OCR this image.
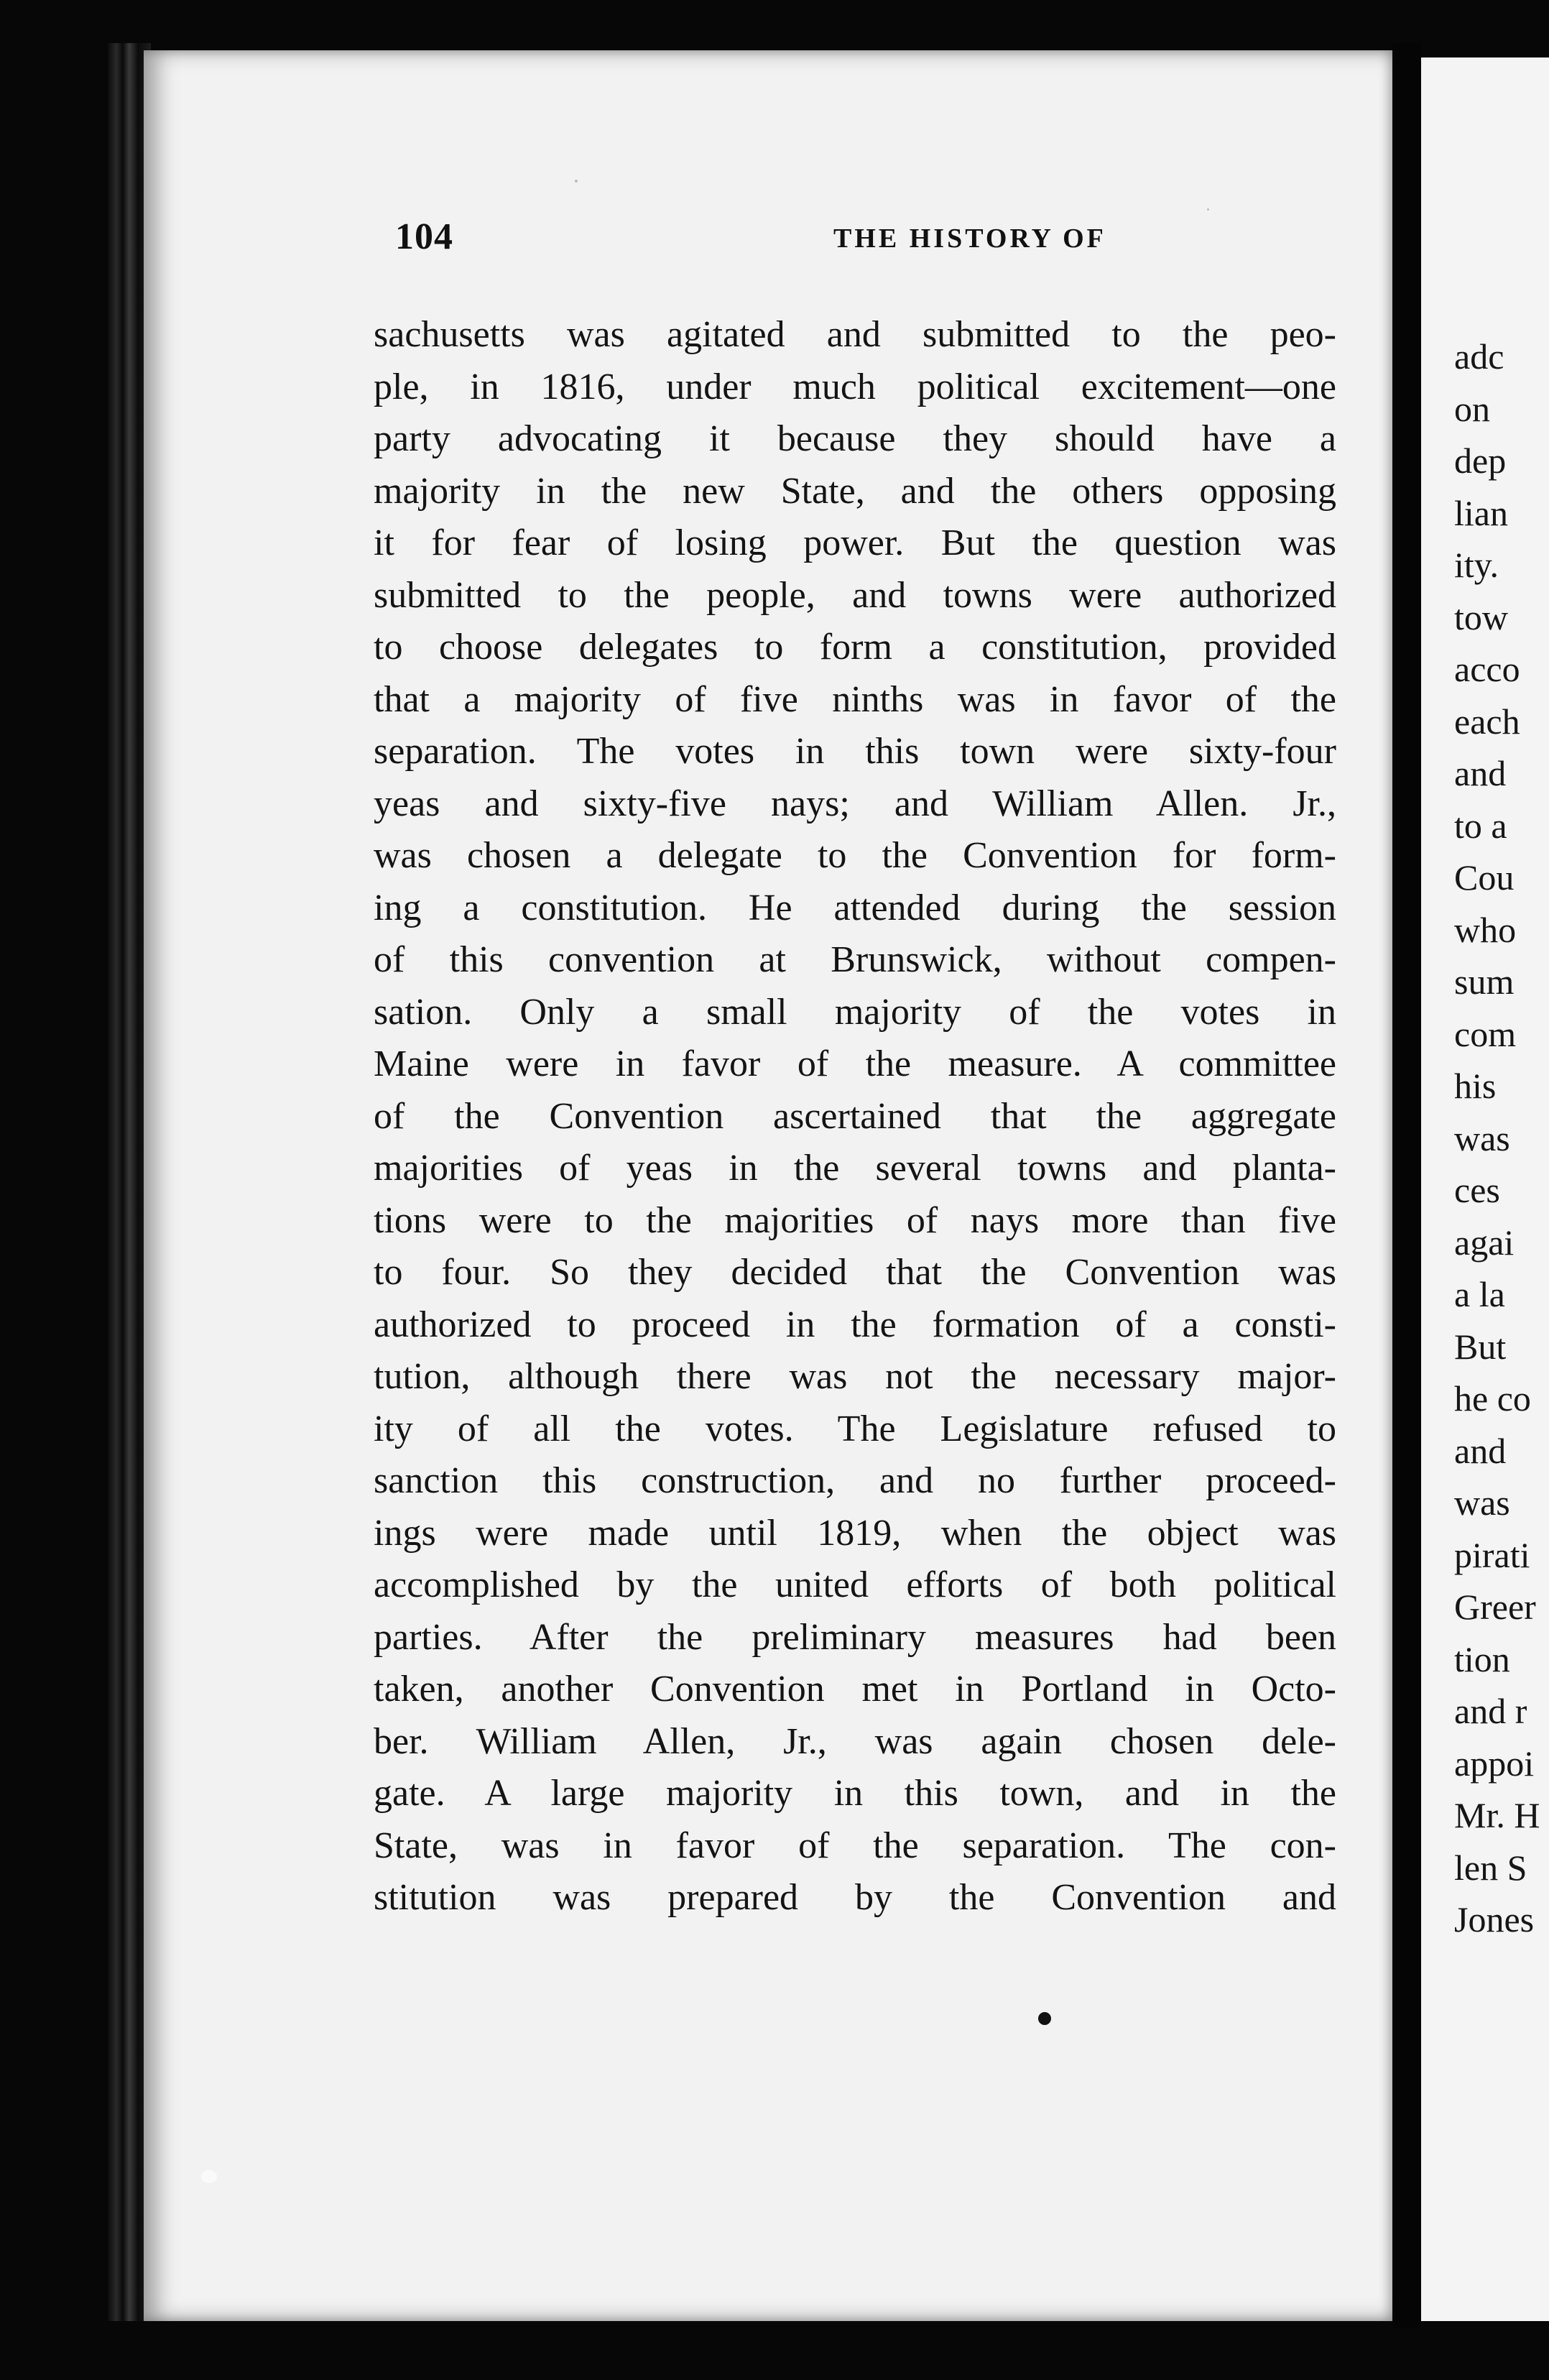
104	THE HISTORY OF
sachusetts was agitated and submitted to the peo-
ple, in 1816, under much political excitement—one
party advocating it because they should have a
majority in the new State, and the others opposing
it for fear of losing power. But the question was
submitted to the people, and towns were authorized
to choose delegates to form a constitution, provided
that a majority of five ninths was in favor of the
separation. The votes in this town were sixty-four
yeas and sixty-five nays; and William Allen. Jr.,
was chosen a delegate to the Convention for form-
ing a constitution. He attended during the session
of this convention at Brunswick, without compen-
sation. Only a small majority of the votes in
Maine were in favor of the measure. A committee
of the Convention ascertained that the aggregate
majorities of yeas in the several towns and planta-
tions were to the majorities of nays more than five
to four. So they decided that the Convention was
authorized to proceed in the formation of a consti-
tution, although there was not the necessary major-
ity of all the votes. The Legislature refused to
sanction this construction, and no further proceed-
ings were made until 1819, when the object was
accomplished by the united efforts of both political
parties. After the preliminary measures had been
taken, another Convention met in Portland in Octo-
ber. William Allen, Jr., was again chosen dele-
gate. A large majority in this town, and in the
State, was in favor of the separation. The con-
stitution was prepared by the Convention and
adc
on
dep
lian
ity.
tow
acco
each
and
to a
Cou
who
sum
com
his
was
ces
agai
a la
But
he co
and
was
pirati
Greer
tion
and r
appoi
Mr. H
len S
Jones
